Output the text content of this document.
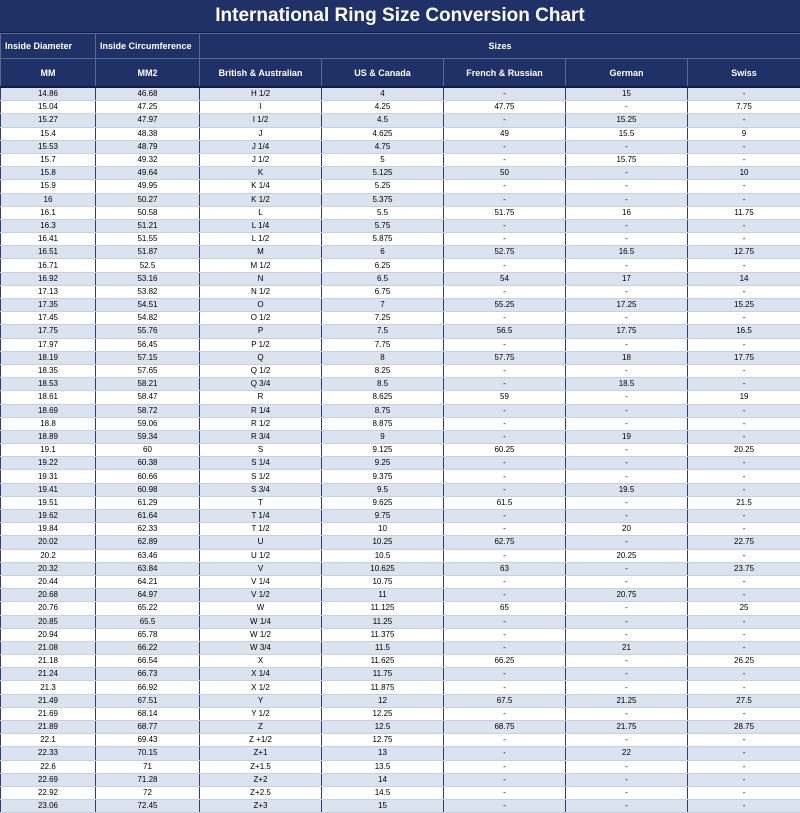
International Ring Size Conversion Chart
Inside Diameter	Inside Circumference	Sizes				
MM	MM2	British & Australian	US & Canada	French & Russian	German	Swiss
14.86	46.68	H 1/2	4	-	15	-
15.04	47.25	I	4.25	47.75	-	7.75
15.27	47.97	I 1/2	4.5	-	15.25	-
15.4	48.38	J	4.625	49	15.5	9
15.53	48.79	J 1/4	4.75	-	-	-
15.7	49.32	J 1/2	5	-	15.75	-
15.8	49.64	K	5.125	50	-	10
15.9	49.95	K 1/4	5.25	-	-	-
16	50.27	K 1/2	5.375	-	-	-
16.1	50.58	L	5.5	51.75	16	11.75
16.3	51.21	L 1/4	5.75	-	-	-
16.41	51.55	L 1/2	5.875	-	-	-
16.51	51.87	M	6	52.75	16.5	12.75
16.71	52.5	M 1/2	6.25	-	-	-
16.92	53.16	N	6.5	54	17	14
17.13	53.82	N 1/2	6.75	-	-	-
17.35	54.51	O	7	55.25	17.25	15.25
17.45	54.82	O 1/2	7.25	-	-	-
17.75	55.76	P	7.5	56.5	17.75	16.5
17.97	56.45	P 1/2	7.75	-	-	-
18.19	57.15	Q	8	57.75	18	17.75
18.35	57.65	Q 1/2	8.25	-	-	-
18.53	58.21	Q 3/4	8.5	-	18.5	-
18.61	58.47	R	8.625	59	-	19
18.69	58.72	R 1/4	8.75	-	-	-
18.8	59.06	R 1/2	8.875	-	-	-
18.89	59.34	R 3/4	9	-	19	-
19.1	60	S	9.125	60.25	-	20.25
19.22	60.38	S 1/4	9.25	-	-	-
19.31	60.66	S 1/2	9.375	-	-	-
19.41	60.98	S 3/4	9.5	-	19.5	-
19.51	61.29	T	9.625	61.5	-	21.5
19.62	61.64	T 1/4	9.75	-	-	-
19.84	62.33	T 1/2	10	-	20	-
20.02	62.89	U	10.25	62.75	-	22.75
20.2	63.46	U 1/2	10.5	-	20.25	-
20.32	63.84	V	10.625	63	-	23.75
20.44	64.21	V 1/4	10.75	-	-	-
20.68	64.97	V 1/2	11	-	20.75	-
20.76	65.22	W	11.125	65	-	25
20.85	65.5	W 1/4	11.25	-	-	-
20.94	65.78	W 1/2	11.375	-	-	-
21.08	66.22	W 3/4	11.5	-	21	-
21.18	66.54	X	11.625	66.25	-	26.25
21.24	66.73	X 1/4	11.75	-	-	-
21.3	66.92	X 1/2	11.875	-	-	-
21.49	67.51	Y	12	67.5	21.25	27.5
21.69	68.14	Y 1/2	12.25	-	-	-
21.89	68.77	Z	12.5	68.75	21.75	28.75
22.1	69.43	Z +1/2	12.75	-	-	-
22.33	70.15	Z+1	13	-	22	-
22.6	71	Z+1.5	13.5	-	-	-
22.69	71.28	Z+2	14	-	-	-
22.92	72	Z+2.5	14.5	-	-	-
23.06	72.45	Z+3	15	-	-	-
